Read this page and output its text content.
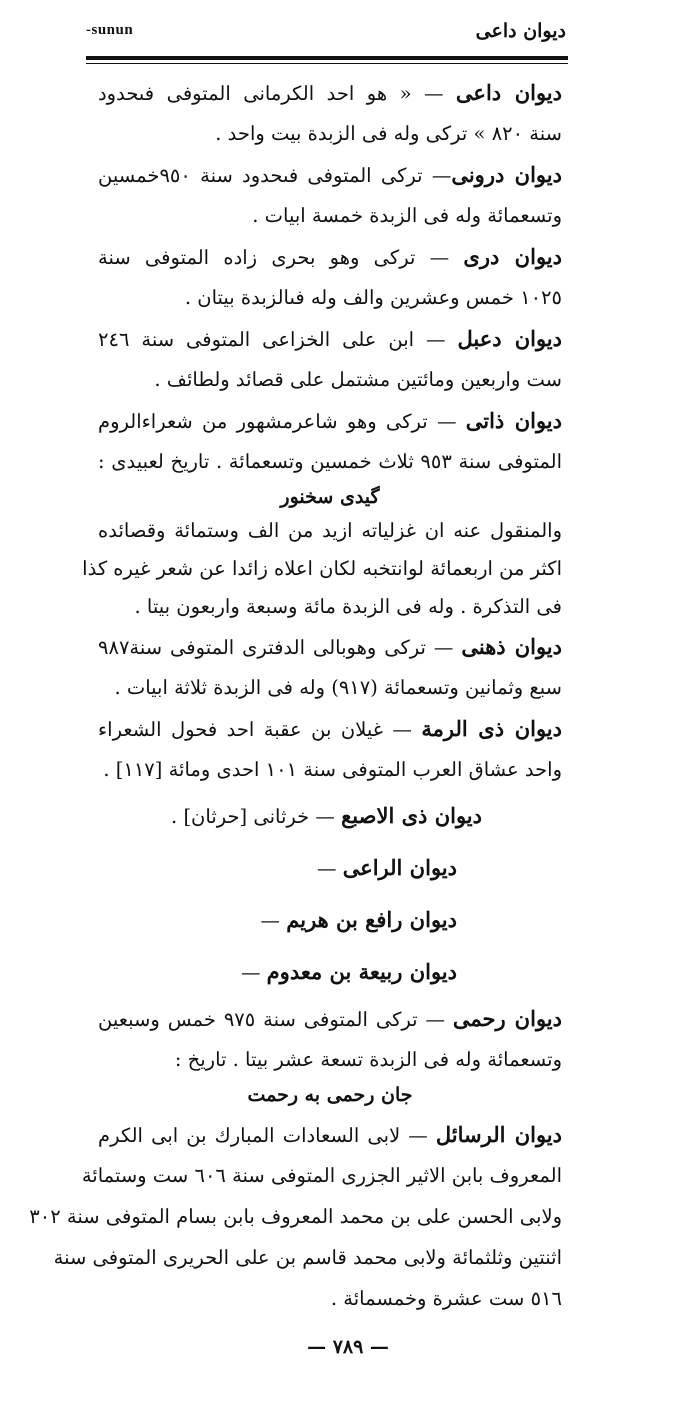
-sunun	ديوان داعى
ديوان داعى — « هو احد الكرمانى المتوفى فىحدود
سنة ٨٢٠ » تركى وله فى الزبدة بيت واحد .
ديوان درونى— تركى المتوفى فىحدود سنة ٩٥٠خمسين
وتسعمائة وله فى الزبدة خمسة ابيات .
ديوان درى — تركى وهو بحرى زاده المتوفى سنة
١٠٢٥ خمس وعشرين والف وله فىالزبدة بيتان .
ديوان دعبل — ابن على الخزاعى المتوفى سنة ٢٤٦
ست واربعين ومائتين مشتمل على قصائد ولطائف .
ديوان ذاتى — تركى وهو شاعرمشهور من شعراءالروم
المتوفى سنة ٩٥٣ ثلاث خمسين وتسعمائة . تاريخ لعبيدى :
گيدى سخنور
والمنقول عنه ان غزلياته ازيد من الف وستمائة وقصائده
اكثر من اربعمائة لوانتخبه لكان اعلاه زائدا عن شعر غيره كذا
فى التذكرة . وله فى الزبدة مائة وسبعة واربعون بيتا .
ديوان ذهنى — تركى وهوبالى الدفترى المتوفى سنة٩٨٧
سبع وثمانين وتسعمائة (٩١٧) وله فى الزبدة ثلاثة ابيات .
ديوان ذى الرمة — غيلان بن عقبة احد فحول الشعراء
واحد عشاق العرب المتوفى سنة ١٠١ احدى ومائة [١١٧] .
ديوان ذى الاصبع — خرثانى [حرثان] .
ديوان الراعى —
ديوان رافع بن هريم —
ديوان ربيعة بن معدوم —
ديوان رحمى — تركى المتوفى سنة ٩٧٥ خمس وسبعين
وتسعمائة وله فى الزبدة تسعة عشر بيتا . تاريخ :
جان رحمى به رحمت
ديوان الرسائل — لابى السعادات المبارك بن ابى الكرم
المعروف بابن الاثير الجزرى المتوفى سنة ٦٠٦ ست وستمائة
ولابى الحسن على بن محمد المعروف بابن بسام المتوفى سنة ٣٠٢
اثنتين وثلثمائة ولابى محمد قاسم بن على الحريرى المتوفى سنة
٥١٦ ست عشرة وخمسمائة .
— ٧٨٩ —
